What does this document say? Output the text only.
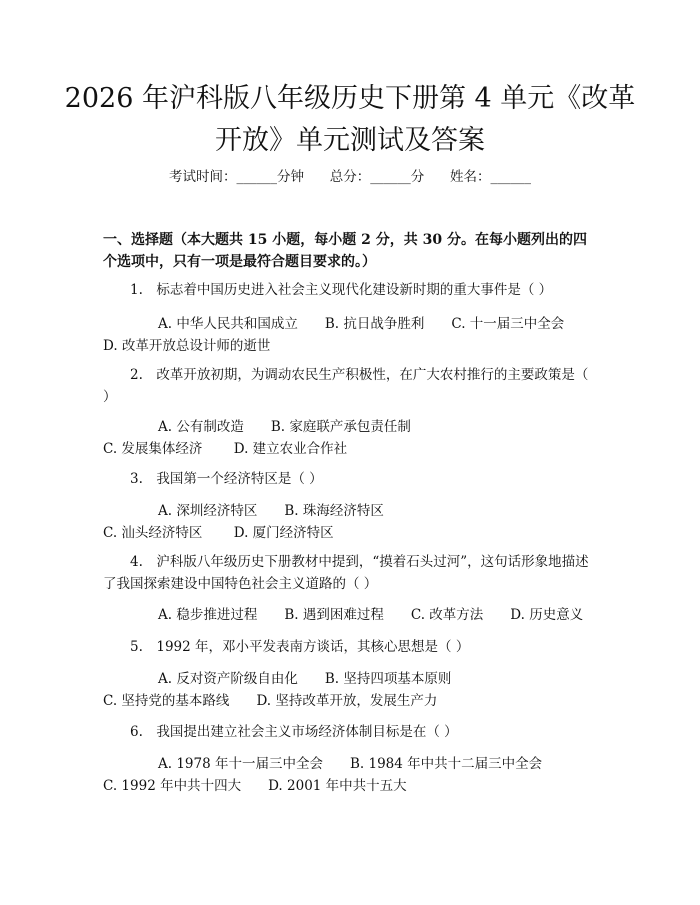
2026 年沪科版八年级历史下册第 4 单元《改革开放》单元测试及答案
考试时间：______分钟 总分：______分 姓名：______
一、选择题（本大题共 15 小题，每小题 2 分，共 30 分。在每小题列出的四个选项中，只有一项是最符合题目要求的。）
1.　标志着中国历史进入社会主义现代化建设新时期的重大事件是（ ）
A. 中华人民共和国成立　　 B. 抗日战争胜利　　 C. 十一届三中全会 D. 改革开放总设计师的逝世
2.　改革开放初期，为调动农民生产积极性，在广大农村推行的主要政策是（ ）
A. 公有制改造　　 B. 家庭联产承包责任制　　C. 发展集体经济　　 D. 建立农业合作社
3.　我国第一个经济特区是（ ）
A. 深圳经济特区　　 B. 珠海经济特区　　C. 汕头经济特区　　 D. 厦门经济特区
4.　沪科版八年级历史下册教材中提到，“摸着石头过河”，这句话形象地描述了我国探索建设中国特色社会主义道路的（ ）
A. 稳步推进过程　　 B. 遇到困难过程　　 C. 改革方法　　 D. 历史意义
5.　1992 年，邓小平发表南方谈话，其核心思想是（ ）
A. 反对资产阶级自由化　　 B. 坚持四项基本原则　　C. 坚持党的基本路线　　 D. 坚持改革开放，发展生产力
6.　我国提出建立社会主义市场经济体制目标是在（ ）
A. 1978 年十一届三中全会　　 B. 1984 年中共十二届三中全会　　C. 1992 年中共十四大　　 D. 2001 年中共十五大
